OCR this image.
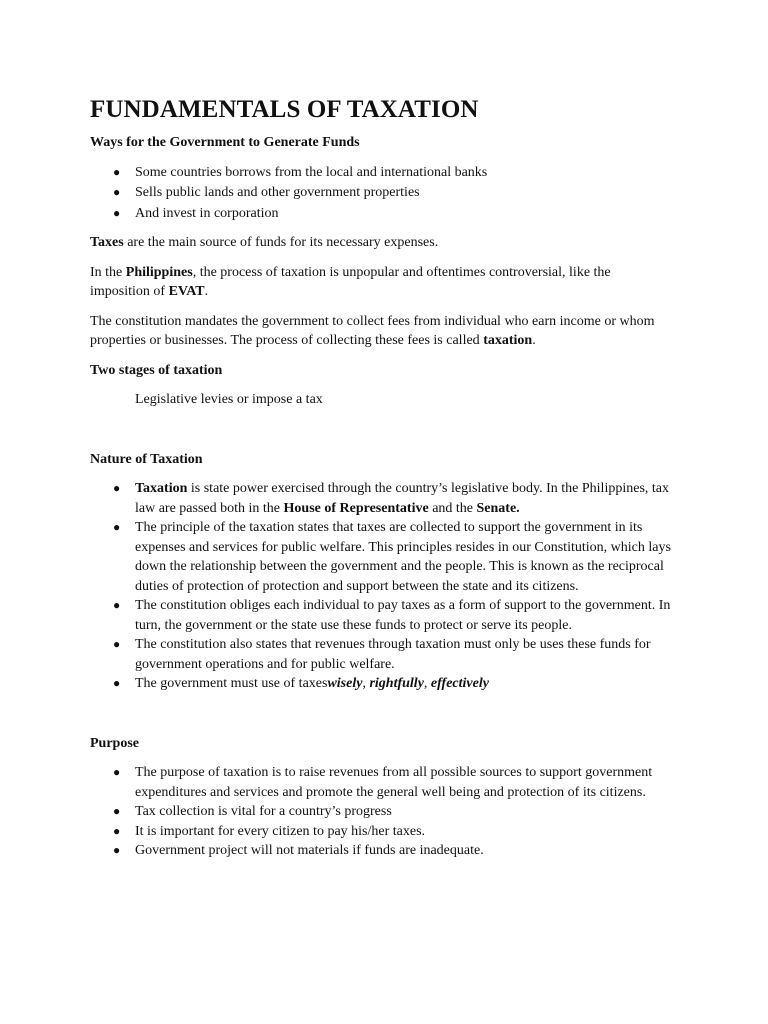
FUNDAMENTALS OF TAXATION

Ways for the Government to Generate Funds

● Some countries borrows from the local and international banks
● Sells public lands and other government properties
● And invest in corporation

Taxes are the main source of funds for its necessary expenses.

In the Philippines, the process of taxation is unpopular and oftentimes controversial, like the imposition of EVAT.

The constitution mandates the government to collect fees from individual who earn income or whom properties or businesses. The process of collecting these fees is called taxation.

Two stages of taxation

Legislative levies or impose a tax

Nature of Taxation

● Taxation is state power exercised through the country’s legislative body. In the Philippines, tax law are passed both in the House of Representative and the Senate.
● The principle of the taxation states that taxes are collected to support the government in its expenses and services for public welfare. This principles resides in our Constitution, which lays down the relationship between the government and the people. This is known as the reciprocal duties of protection of protection and support between the state and its citizens.
● The constitution obliges each individual to pay taxes as a form of support to the government. In turn, the government or the state use these funds to protect or serve its people.
● The constitution also states that revenues through taxation must only be uses these funds for government operations and for public welfare.
● The government must use of taxeswisely, rightfully, effectively

Purpose

● The purpose of taxation is to raise revenues from all possible sources to support government expenditures and services and promote the general well being and protection of its citizens.
● Tax collection is vital for a country’s progress
● It is important for every citizen to pay his/her taxes.
● Government project will not materials if funds are inadequate.
